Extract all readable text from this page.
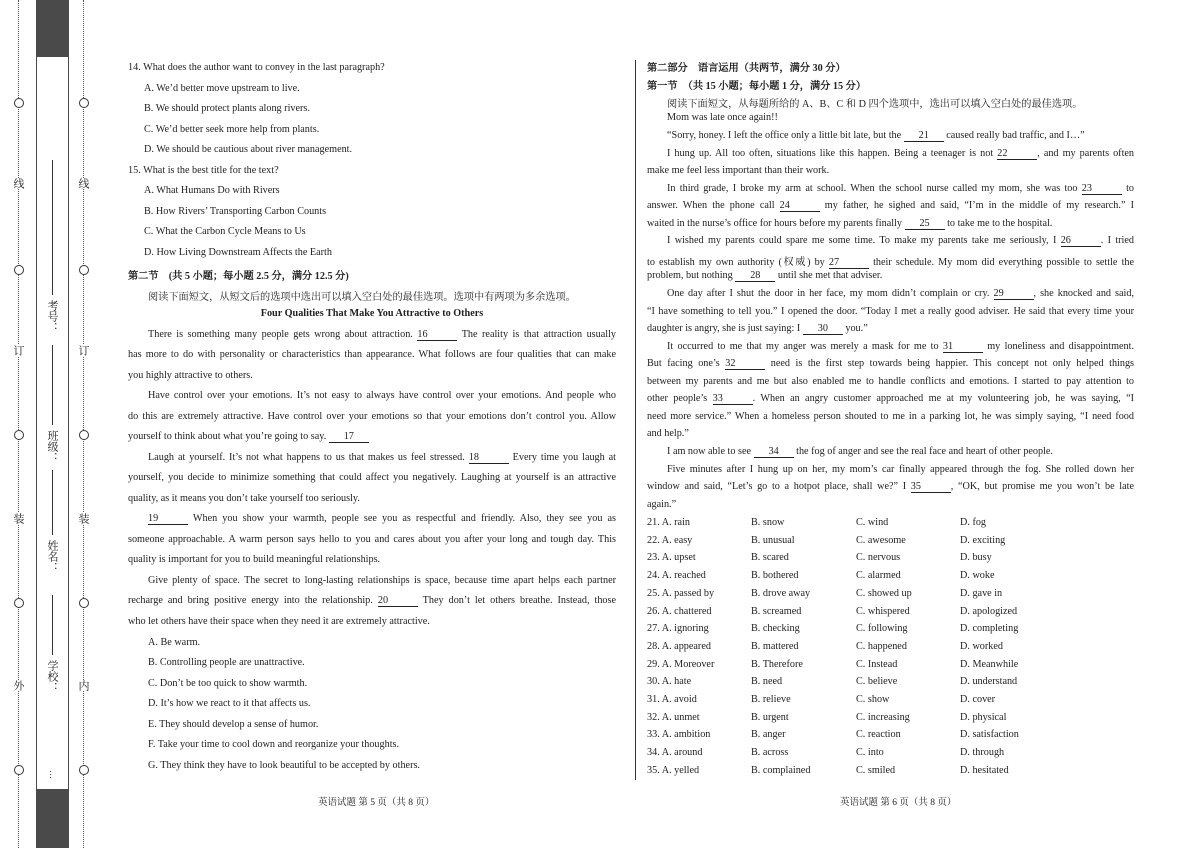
线
订
装
外
考号：
班级：
姓名：
学校：
…
线
订
装
内
14. What does the author want to convey in the last paragraph?
A. We’d better move upstream to live.
B. We should protect plants along rivers.
C. We’d better seek more help from plants.
D. We should be cautious about river management.
15. What is the best title for the text?
A. What Humans Do with Rivers
B. How Rivers’ Transporting Carbon Counts
C. What the Carbon Cycle Means to Us
D. How Living Downstream Affects the Earth
第二节　(共 5 小题；每小题 2.5 分，满分 12.5 分)
阅读下面短文，从短文后的选项中选出可以填入空白处的最佳选项。选项中有两项为多余选项。
Four Qualities That Make You Attractive to Others
There is something many people gets wrong about attraction. 16	The reality is that attraction usually
has more to do with personality or characteristics than appearance. What follows are four qualities that can make
you highly attractive to others.
Have control over your emotions. It’s not easy to always have control over your emotions. And people who
do this are extremely attractive. Have control over your emotions so that your emotions don’t control you. Allow
yourself to think about what you’re going to say. 17
Laugh at yourself. It’s not what happens to us that makes us feel stressed. 18	Every time you laugh at
yourself, you decide to minimize something that could affect you negatively. Laughing at yourself is an attractive
quality, as it means you don’t take yourself too seriously.
19	When you show your warmth, people see you as respectful and friendly. Also, they see you as
someone approachable. A warm person says hello to you and cares about you after your long and tough day. This
quality is important for you to build meaningful relationships.
Give plenty of space. The secret to long-lasting relationships is space, because time apart helps each partner
recharge and bring positive energy into the relationship. 20	They don’t let others breathe. Instead, those
who let others have their space when they need it are extremely attractive.
A. Be warm.
B. Controlling people are unattractive.
C. Don’t be too quick to show warmth.
D. It’s how we react to it that affects us.
E. They should develop a sense of humor.
F. Take your time to cool down and reorganize your thoughts.
G. They think they have to look beautiful to be accepted by others.
英语试题 第 5 页（共 8 页）
第二部分　语言运用（共两节，满分 30 分）
第一节　（共 15 小题；每小题 1 分，满分 15 分）
阅读下面短文，从每题所给的 A、B、C 和 D 四个选项中，选出可以填入空白处的最佳选项。
Mom was late once again!!
“Sorry, honey. I left the office only a little bit late, but the 21 caused really bad traffic, and I…”
I hung up. All too often, situations like this happen. Being a teenager is not 22	, and my parents often
make me feel less important than their work.
In third grade, I broke my arm at school. When the school nurse called my mom, she was too 23	to
answer. When the phone call 24	my father, he sighed and said, “I’m in the middle of my research.” I
waited in the nurse’s office for hours before my parents finally 25 to take me to the hospital.
I wished my parents could spare me some time. To make my parents take me seriously, I 26	. I tried
to establish my own authority (权威) by 27	their schedule. My mom did everything possible to settle the
problem, but nothing 28 until she met that adviser.
One day after I shut the door in her face, my mom didn’t complain or cry. 29	, she knocked and said,
“I have something to tell you.” I opened the door. “Today I met a really good adviser. He said that every time your
daughter is angry, she is just saying: I 30 you.”
It occurred to me that my anger was merely a mask for me to 31	my loneliness and disappointment.
But facing one’s 32	need is the first step towards being happier. This concept not only helped things
between my parents and me but also enabled me to handle conflicts and emotions. I started to pay attention to
other people’s 33	. When an angry customer approached me at my volunteering job, he was saying, “I
need more service.” When a homeless person shouted to me in a parking lot, he was simply saying, “I need food
and help.”
I am now able to see 34 the fog of anger and see the real face and heart of other people.
Five minutes after I hung up on her, my mom’s car finally appeared through the fog. She rolled down her
window and said, “Let’s go to a hotpot place, shall we?” I 35	, “OK, but promise me you won’t be late
again.”
21. A. rain	B. snow	C. wind	D. fog
22. A. easy	B. unusual	C. awesome	D. exciting
23. A. upset	B. scared	C. nervous	D. busy
24. A. reached	B. bothered	C. alarmed	D. woke
25. A. passed by	B. drove away	C. showed up	D. gave in
26. A. chattered	B. screamed	C. whispered	D. apologized
27. A. ignoring	B. checking	C. following	D. completing
28. A. appeared	B. mattered	C. happened	D. worked
29. A. Moreover	B. Therefore	C. Instead	D. Meanwhile
30. A. hate	B. need	C. believe	D. understand
31. A. avoid	B. relieve	C. show	D. cover
32. A. unmet	B. urgent	C. increasing	D. physical
33. A. ambition	B. anger	C. reaction	D. satisfaction
34. A. around	B. across	C. into	D. through
35. A. yelled	B. complained	C. smiled	D. hesitated
英语试题 第 6 页（共 8 页）
